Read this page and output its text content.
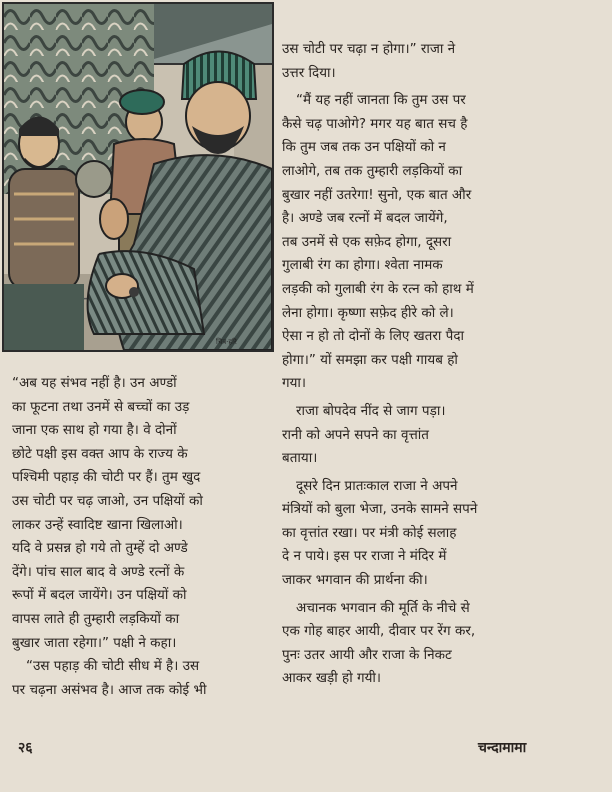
चित्र·हरि

“अब यह संभव नहीं है। उन अण्डों
का फूटना तथा उनमें से बच्चों का उड़
जाना एक साथ हो गया है। वे दोनों
छोटे पक्षी इस वक्त आप के राज्य के
पश्चिमी पहाड़ की चोटी पर हैं। तुम खुद
उस चोटी पर चढ़ जाओ, उन पक्षियों को
लाकर उन्हें स्वादिष्ट खाना खिलाओ।
यदि वे प्रसन्न हो गये तो तुम्हें दो अण्डे
देंगे। पांच साल बाद वे अण्डे रत्नों के
रूपों में बदल जायेंगे। उन पक्षियों को
वापस लाते ही तुम्हारी लड़कियों का
बुखार जाता रहेगा।” पक्षी ने कहा।

“उस पहाड़ की चोटी सीध में है। उस
पर चढ़ना असंभव है। आज तक कोई भी

उस चोटी पर चढ़ा न होगा।” राजा ने
उत्तर दिया।

“मैं यह नहीं जानता कि तुम उस पर
कैसे चढ़ पाओगे? मगर यह बात सच है
कि तुम जब तक उन पक्षियों को न
लाओगे, तब तक तुम्हारी लड़कियों का
बुखार नहीं उतरेगा! सुनो, एक बात और
है। अण्डे जब रत्नों में बदल जायेंगे,
तब उनमें से एक सफ़ेद होगा, दूसरा
गुलाबी रंग का होगा। श्वेता नामक
लड़की को गुलाबी रंग के रत्न को हाथ में
लेना होगा। कृष्णा सफ़ेद हीरे को ले।
ऐसा न हो तो दोनों के लिए खतरा पैदा
होगा।” यों समझा कर पक्षी गायब हो
गया।

राजा बोपदेव नींद से जाग पड़ा।
रानी को अपने सपने का वृत्तांत
बताया।

दूसरे दिन प्रातःकाल राजा ने अपने
मंत्रियों को बुला भेजा, उनके सामने सपने
का वृत्तांत रखा। पर मंत्री कोई सलाह
दे न पाये। इस पर राजा ने मंदिर में
जाकर भगवान की प्रार्थना की।

अचानक भगवान की मूर्ति के नीचे से
एक गोह बाहर आयी, दीवार पर रेंग कर,
पुनः उतर आयी और राजा के निकट
आकर खड़ी हो गयी।

२६	चन्दामामा
